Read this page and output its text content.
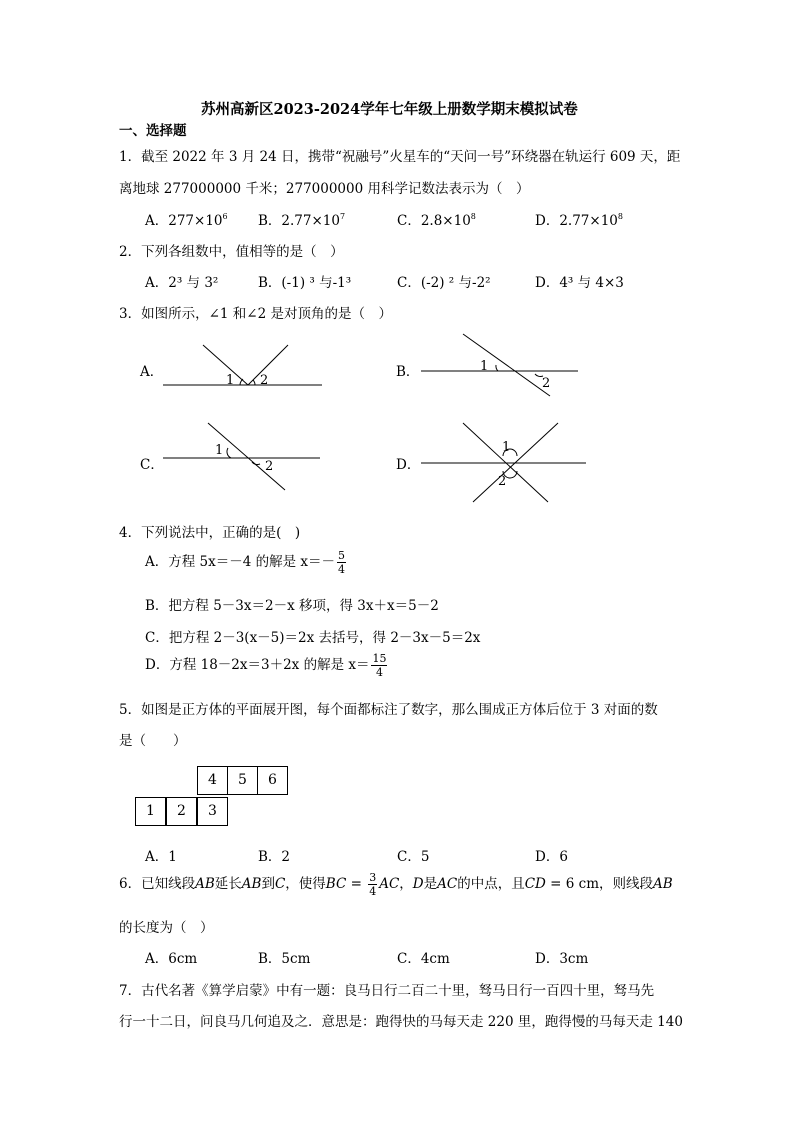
苏州高新区2023-2024学年七年级上册数学期末模拟试卷
一、选择题
1．截至 2022 年 3 月 24 日，携带“祝融号”火星车的“天问一号”环绕器在轨运行 609 天，距
离地球 277000000 千米；277000000 用科学记数法表示为（　）
A．$277\times 10^6$ B．$2.77\times 10^7$	C．$2.8\times 10^8$	D．$2.77\times 10^8$
2．下列各组数中，值相等的是（　）
A．2³ 与 3²	B．(-1) ³ 与-1³	C．(-2) ² 与-2²	D．4³ 与 4×3
3．如图所示，∠1 和∠2 是对顶角的是（　）
A．
1 2
B．	1
2
C．
1
2	D．
1
2
4．下列说法中，正确的是(　)
A．方程 5x＝－4 的解是 $x=- \frac{5}{4}$
B．把方程 5－3x＝2－x 移项，得 3x＋x＝5－2
C．把方程 2－3(x－5)＝2x 去括号，得 2－3x－5＝2x
D．方程 18－2x＝3＋2x 的解是 $x= \frac{15}{4}$
5．如图是正方体的平面展开图，每个面都标注了数字，那么围成正方体后位于 3 对面的数
是（　　）
4	5	6
1	2	3
A．1	B．2	C．5	D．6
6．已知线段AB延长AB到C，使得BC = $\frac{3}{4}$ AC，D是AC的中点，且CD = 6 cm，则线段AB
的长度为（　）
A．6cm	B．5cm	C．4cm	D．3cm
7．古代名著《算学启蒙》中有一题：良马日行二百二十里，驽马日行一百四十里，驽马先
行一十二日，问良马几何追及之．意思是：跑得快的马每天走 220 里，跑得慢的马每天走 140
